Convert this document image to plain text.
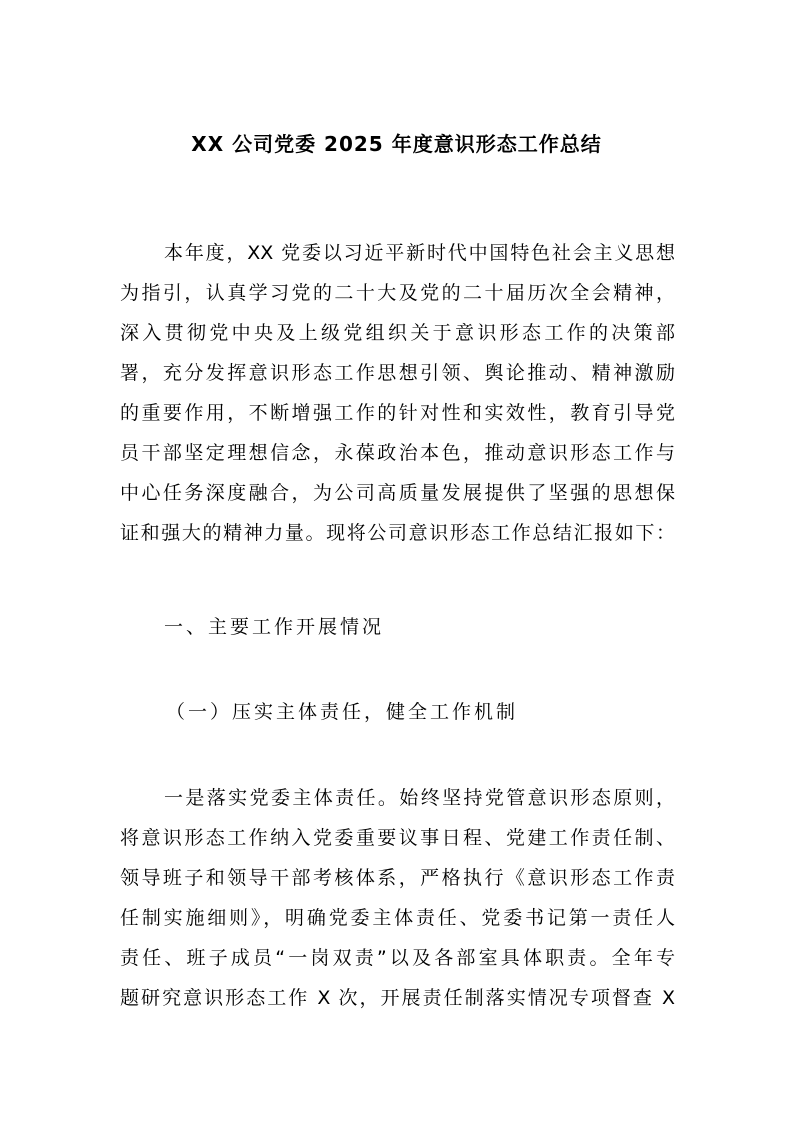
XX 公司党委 2025 年度意识形态工作总结
本年度，XX 党委以习近平新时代中国特色社会主义思想
为指引，认真学习党的二十大及党的二十届历次全会精神，
深入贯彻党中央及上级党组织关于意识形态工作的决策部
署，充分发挥意识形态工作思想引领、舆论推动、精神激励
的重要作用，不断增强工作的针对性和实效性，教育引导党
员干部坚定理想信念，永葆政治本色，推动意识形态工作与
中心任务深度融合，为公司高质量发展提供了坚强的思想保
证和强大的精神力量。现将公司意识形态工作总结汇报如下：
一、主要工作开展情况
（一）压实主体责任，健全工作机制
一是落实党委主体责任。始终坚持党管意识形态原则，
将意识形态工作纳入党委重要议事日程、党建工作责任制、
领导班子和领导干部考核体系，严格执行《意识形态工作责
任制实施细则》，明确党委主体责任、党委书记第一责任人
责任、班子成员“一岗双责”以及各部室具体职责。全年专
题研究意识形态工作 X 次，开展责任制落实情况专项督查 X
